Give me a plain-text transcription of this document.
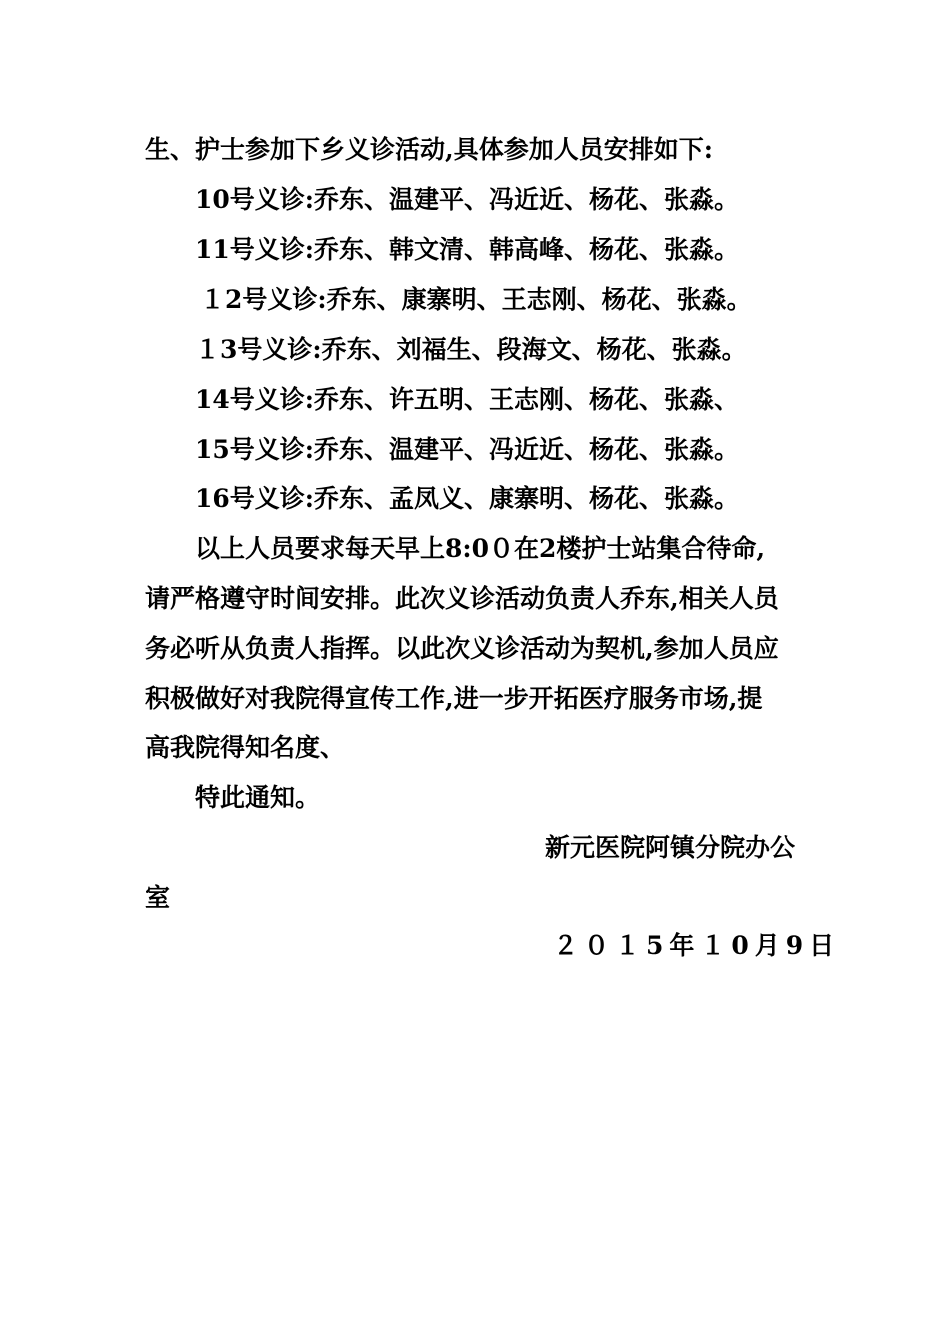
生、护士参加下乡义诊活动,具体参加人员安排如下:
10号义诊:乔东、温建平、冯近近、杨花、张淼。
11号义诊:乔东、韩文清、韩高峰、杨花、张淼。
１2号义诊:乔东、康寨明、王志刚、杨花、张淼。
１3号义诊:乔东、刘福生、段海文、杨花、张淼。
14号义诊:乔东、许五明、王志刚、杨花、张淼、
15号义诊:乔东、温建平、冯近近、杨花、张淼。
16号义诊:乔东、孟凤义、康寨明、杨花、张淼。
以上人员要求每天早上8:0０在2楼护士站集合待命,
请严格遵守时间安排。此次义诊活动负责人乔东,相关人员
务必听从负责人指挥。以此次义诊活动为契机,参加人员应
积极做好对我院得宣传工作,进一步开拓医疗服务市场,提
高我院得知名度、
特此通知。
新元医院阿镇分院办公
室
２０１5年１0月9日
